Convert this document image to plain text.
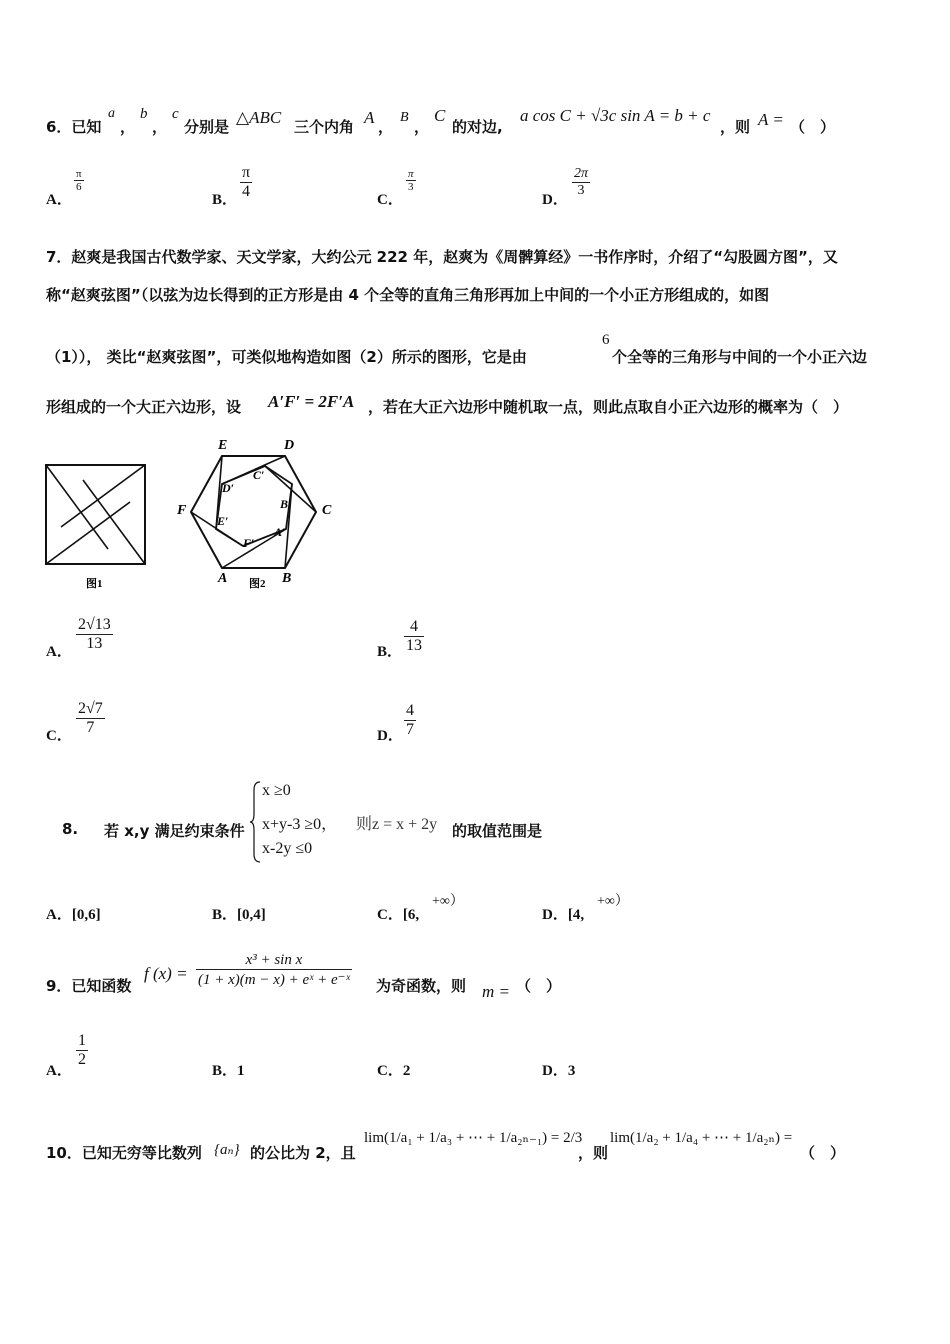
6．已知
a
，
b
，
c
分别是 △ABC 三个内角 A ，
B
，
C
的对边,
a cos C + √3c sin A = b + c
，则 A = （　）
A．
$\frac{\pi}{6}$
B． $\frac{\pi}{4}$	C．
$\frac{\pi}{3}$
D．
$\frac{2\pi}{3}$
7．赵爽是我国古代数学家、天文学家，大约公元 222 年，赵爽为《周髀算经》一书作序时，介绍了“勾股圆方图”，又
称“赵爽弦图”（以弦为边长得到的正方形是由 4 个全等的直角三角形再加上中间的一个小正方形组成的，如图
（1））， 类比“赵爽弦图”，可类似地构造如图（2）所示的图形，它是由
6
个全等的三角形与中间的一个小正六边
形组成的一个大正六边形，设 A′F′ = 2F′A ，若在大正六边形中随机取一点，则此点取自小正六边形的概率为（　）
图1
E	D
C
B
A
F
C′
D′
B′
E′
A′
F′
图2
A． $\frac{2√13}{13}$	B． $\frac{4}{13}$
C． $\frac{2√7}{7}$	D． $\frac{4}{7}$
8. 若 x,y 满足约束条件
x ≥0
x+y-3 ≥0， 则z = x + 2y
x-2y ≤0
的取值范围是
A．[0,6]	B．[0,4]	C．[6,
+∞）
D．[4,
+∞）
9．已知函数
f $(x) = \frac{\text{x³ + sin x}}{\text{(1 + x)(m − x) + eˣ + e⁻ˣ}}$ 为奇函数，则 m = （　）
A．
$\frac{1}{2}$
B．1	C．2	D．3
10．已知无穷等比数列 {aₙ} 的公比为 2，且
lim(1/a₁ + 1/a₃ + ⋯ + 1/a₂ₙ₋₁) = 2/3
，则
lim(1/a₂ + 1/a₄ + ⋯ + 1/a₂ₙ) =
（　）
